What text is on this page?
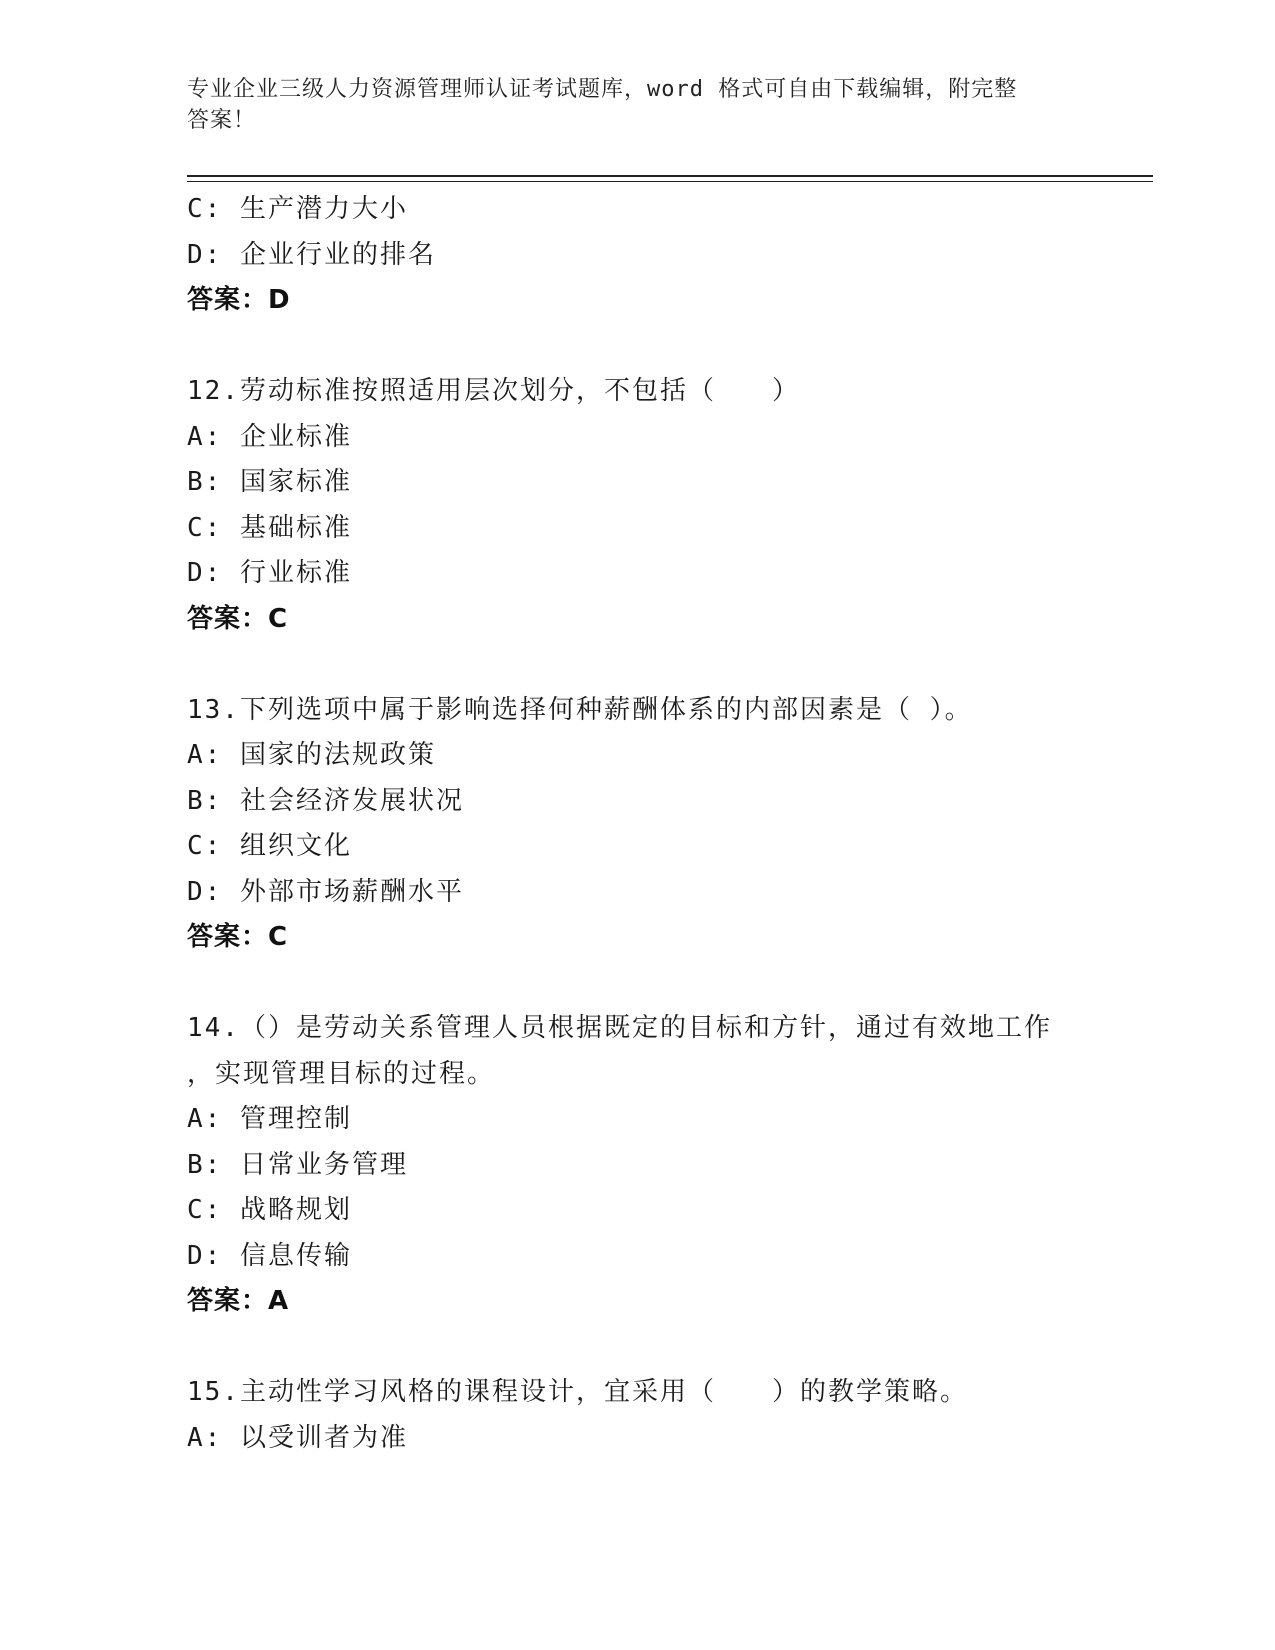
专业企业三级人力资源管理师认证考试题库，word 格式可自由下载编辑，附完整
答案！
C: 生产潜力大小
D: 企业行业的排名
答案：D
12.劳动标准按照适用层次划分，不包括（　　）
A: 企业标准
B: 国家标准
C: 基础标准
D: 行业标准
答案：C
13.下列选项中属于影响选择何种薪酬体系的内部因素是（ ）。
A: 国家的法规政策
B: 社会经济发展状况
C: 组织文化
D: 外部市场薪酬水平
答案：C
14.（）是劳动关系管理人员根据既定的目标和方针，通过有效地工作
，实现管理目标的过程。
A: 管理控制
B: 日常业务管理
C: 战略规划
D: 信息传输
答案：A
15.主动性学习风格的课程设计，宜采用（　　）的教学策略。
A: 以受训者为准
